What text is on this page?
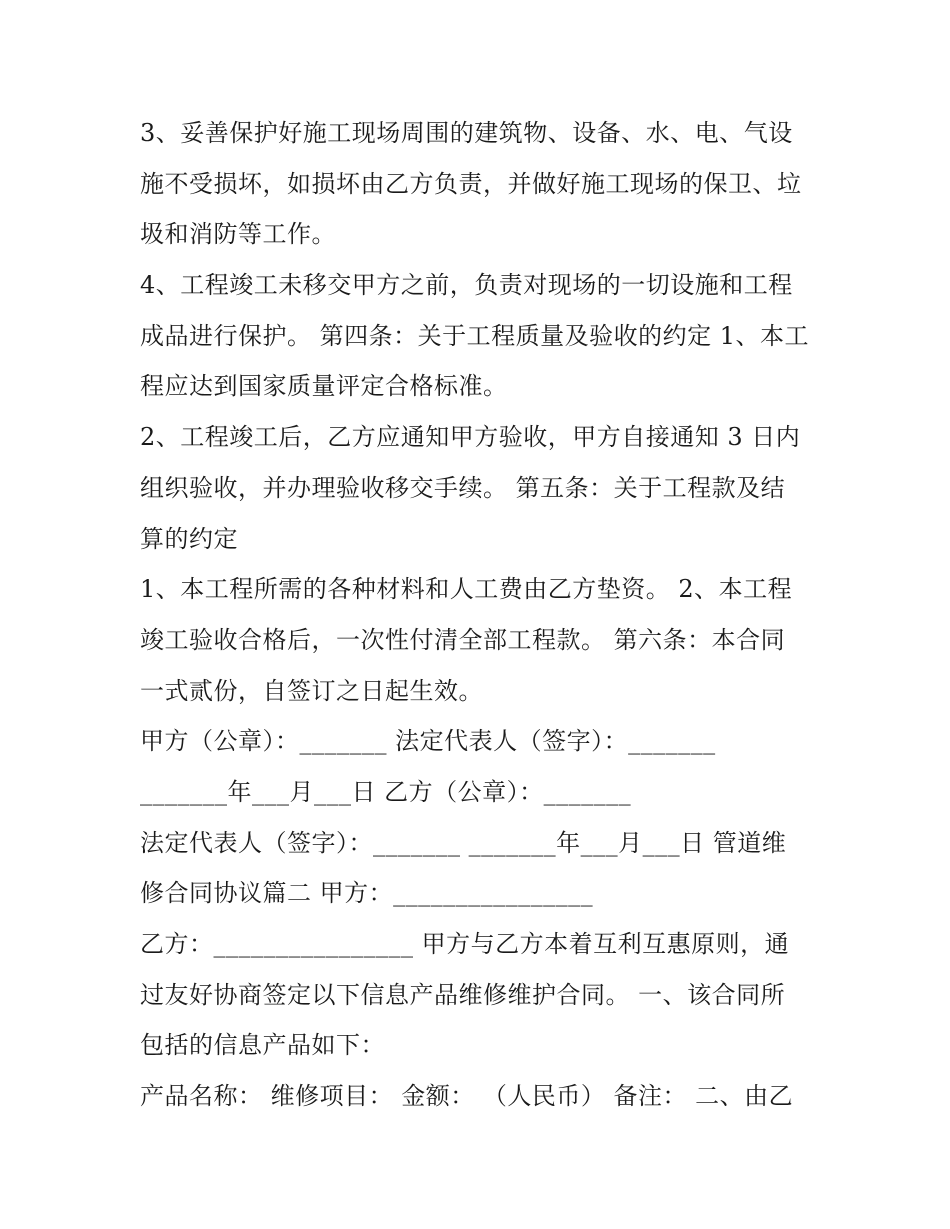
3、妥善保护好施工现场周围的建筑物、设备、水、电、气设
施不受损坏，如损坏由乙方负责，并做好施工现场的保卫、垃
圾和消防等工作。
4、工程竣工未移交甲方之前，负责对现场的一切设施和工程
成品进行保护。 第四条：关于工程质量及验收的约定 1、本工
程应达到国家质量评定合格标准。
2、工程竣工后，乙方应通知甲方验收，甲方自接通知 3 日内
组织验收，并办理验收移交手续。 第五条：关于工程款及结
算的约定
1、本工程所需的各种材料和人工费由乙方垫资。 2、本工程
竣工验收合格后，一次性付清全部工程款。 第六条：本合同
一式贰份，自签订之日起生效。
甲方（公章）：_______ 法定代表人（签字）：_______
_______年___月___日 乙方（公章）：_______
法定代表人（签字）：_______ _______年___月___日 管道维
修合同协议篇二 甲方：________________
乙方：________________ 甲方与乙方本着互利互惠原则，通
过友好协商签定以下信息产品维修维护合同。 一、该合同所
包括的信息产品如下：
产品名称： 维修项目： 金额： （人民币） 备注： 二、由乙
